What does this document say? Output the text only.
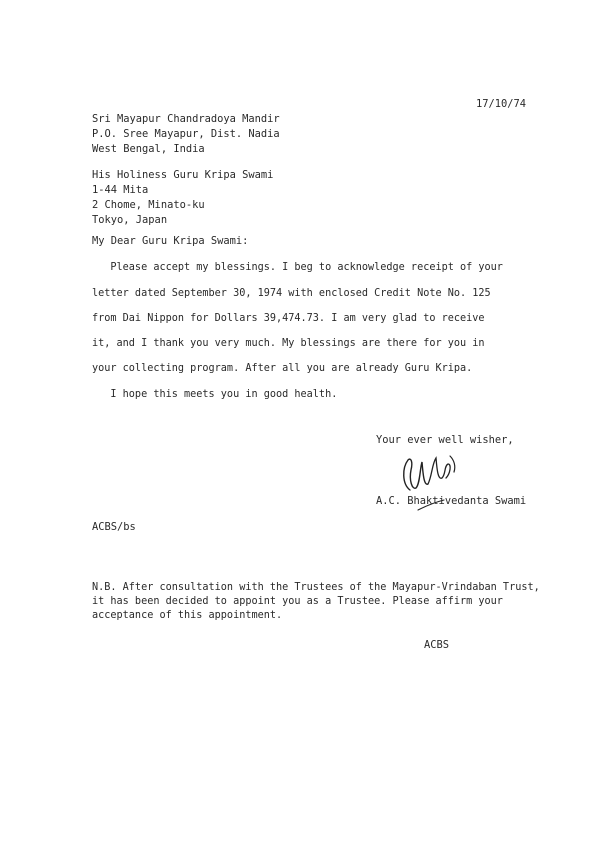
17/10/74
Sri Mayapur Chandradoya Mandir
P.O. Sree Mayapur, Dist. Nadia
West Bengal, India
His Holiness Guru Kripa Swami
1-44 Mita
2 Chome, Minato-ku
Tokyo, Japan
My Dear Guru Kripa Swami:
Please accept my blessings. I beg to acknowledge receipt of your
letter dated September 30, 1974 with enclosed Credit Note No. 125
from Dai Nippon for Dollars 39,474.73. I am very glad to receive
it, and I thank you very much. My blessings are there for you in
your collecting program. After all you are already Guru Kripa.
I hope this meets you in good health.
Your ever well wisher,
A.C. Bhaktivedanta Swami
ACBS/bs
N.B. After consultation with the Trustees of the Mayapur-Vrindaban Trust,
it has been decided to appoint you as a Trustee. Please affirm your
acceptance of this appointment.
ACBS
